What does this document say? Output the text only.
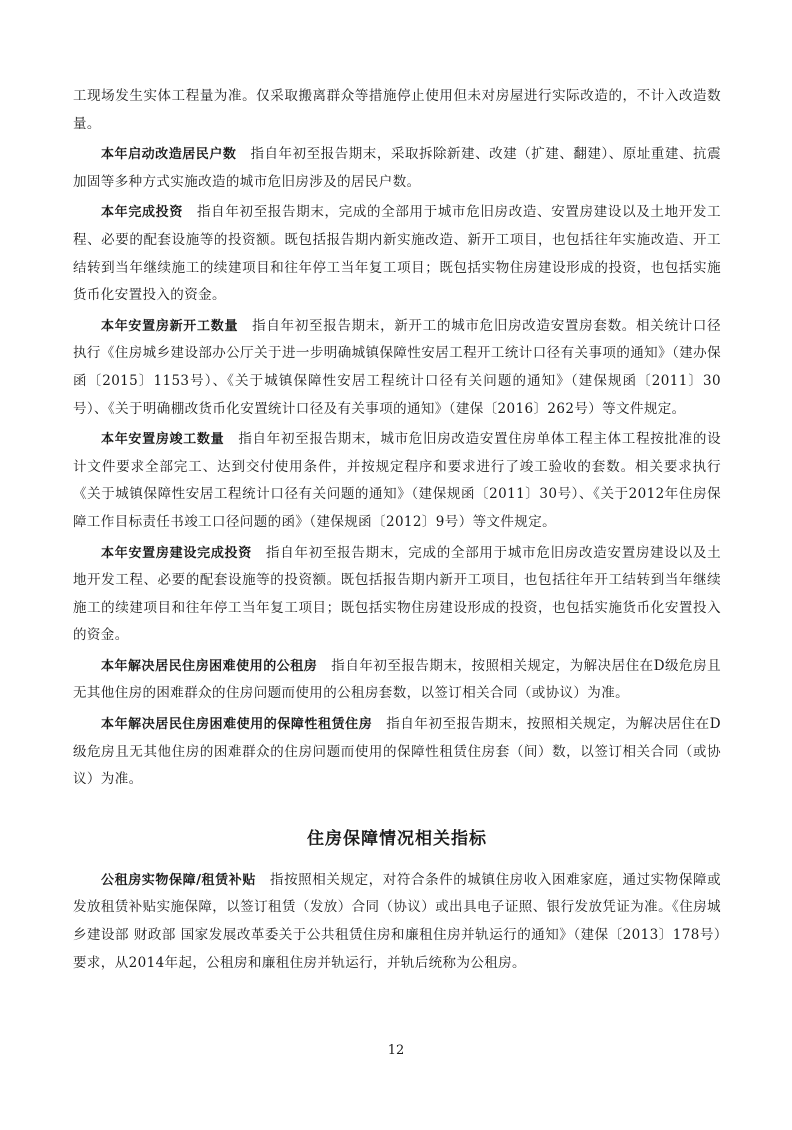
工现场发生实体工程量为准。仅采取搬离群众等措施停止使用但未对房屋进行实际改造的，不计入改造数量。

本年启动改造居民户数 指自年初至报告期末，采取拆除新建、改建（扩建、翻建）、原址重建、抗震加固等多种方式实施改造的城市危旧房涉及的居民户数。

本年完成投资 指自年初至报告期末，完成的全部用于城市危旧房改造、安置房建设以及土地开发工程、必要的配套设施等的投资额。既包括报告期内新实施改造、新开工项目，也包括往年实施改造、开工结转到当年继续施工的续建项目和往年停工当年复工项目；既包括实物住房建设形成的投资，也包括实施货币化安置投入的资金。

本年安置房新开工数量 指自年初至报告期末，新开工的城市危旧房改造安置房套数。相关统计口径执行《住房城乡建设部办公厅关于进一步明确城镇保障性安居工程开工统计口径有关事项的通知》（建办保函〔2015〕1153号）、《关于城镇保障性安居工程统计口径有关问题的通知》（建保规函〔2011〕30号）、《关于明确棚改货币化安置统计口径及有关事项的通知》（建保〔2016〕262号）等文件规定。

本年安置房竣工数量 指自年初至报告期末，城市危旧房改造安置住房单体工程主体工程按批准的设计文件要求全部完工、达到交付使用条件，并按规定程序和要求进行了竣工验收的套数。相关要求执行《关于城镇保障性安居工程统计口径有关问题的通知》（建保规函〔2011〕30号）、《关于2012年住房保障工作目标责任书竣工口径问题的函》（建保规函〔2012〕9号）等文件规定。

本年安置房建设完成投资 指自年初至报告期末，完成的全部用于城市危旧房改造安置房建设以及土地开发工程、必要的配套设施等的投资额。既包括报告期内新开工项目，也包括往年开工结转到当年继续施工的续建项目和往年停工当年复工项目；既包括实物住房建设形成的投资，也包括实施货币化安置投入的资金。

本年解决居民住房困难使用的公租房 指自年初至报告期末，按照相关规定，为解决居住在D级危房且无其他住房的困难群众的住房问题而使用的公租房套数，以签订相关合同（或协议）为准。

本年解决居民住房困难使用的保障性租赁住房 指自年初至报告期末，按照相关规定，为解决居住在D级危房且无其他住房的困难群众的住房问题而使用的保障性租赁住房套（间）数，以签订相关合同（或协议）为准。

住房保障情况相关指标

公租房实物保障/租赁补贴 指按照相关规定，对符合条件的城镇住房收入困难家庭，通过实物保障或发放租赁补贴实施保障，以签订租赁（发放）合同（协议）或出具电子证照、银行发放凭证为准。《住房城乡建设部 财政部 国家发展改革委关于公共租赁住房和廉租住房并轨运行的通知》（建保〔2013〕178号）要求，从2014年起，公租房和廉租住房并轨运行，并轨后统称为公租房。

12
